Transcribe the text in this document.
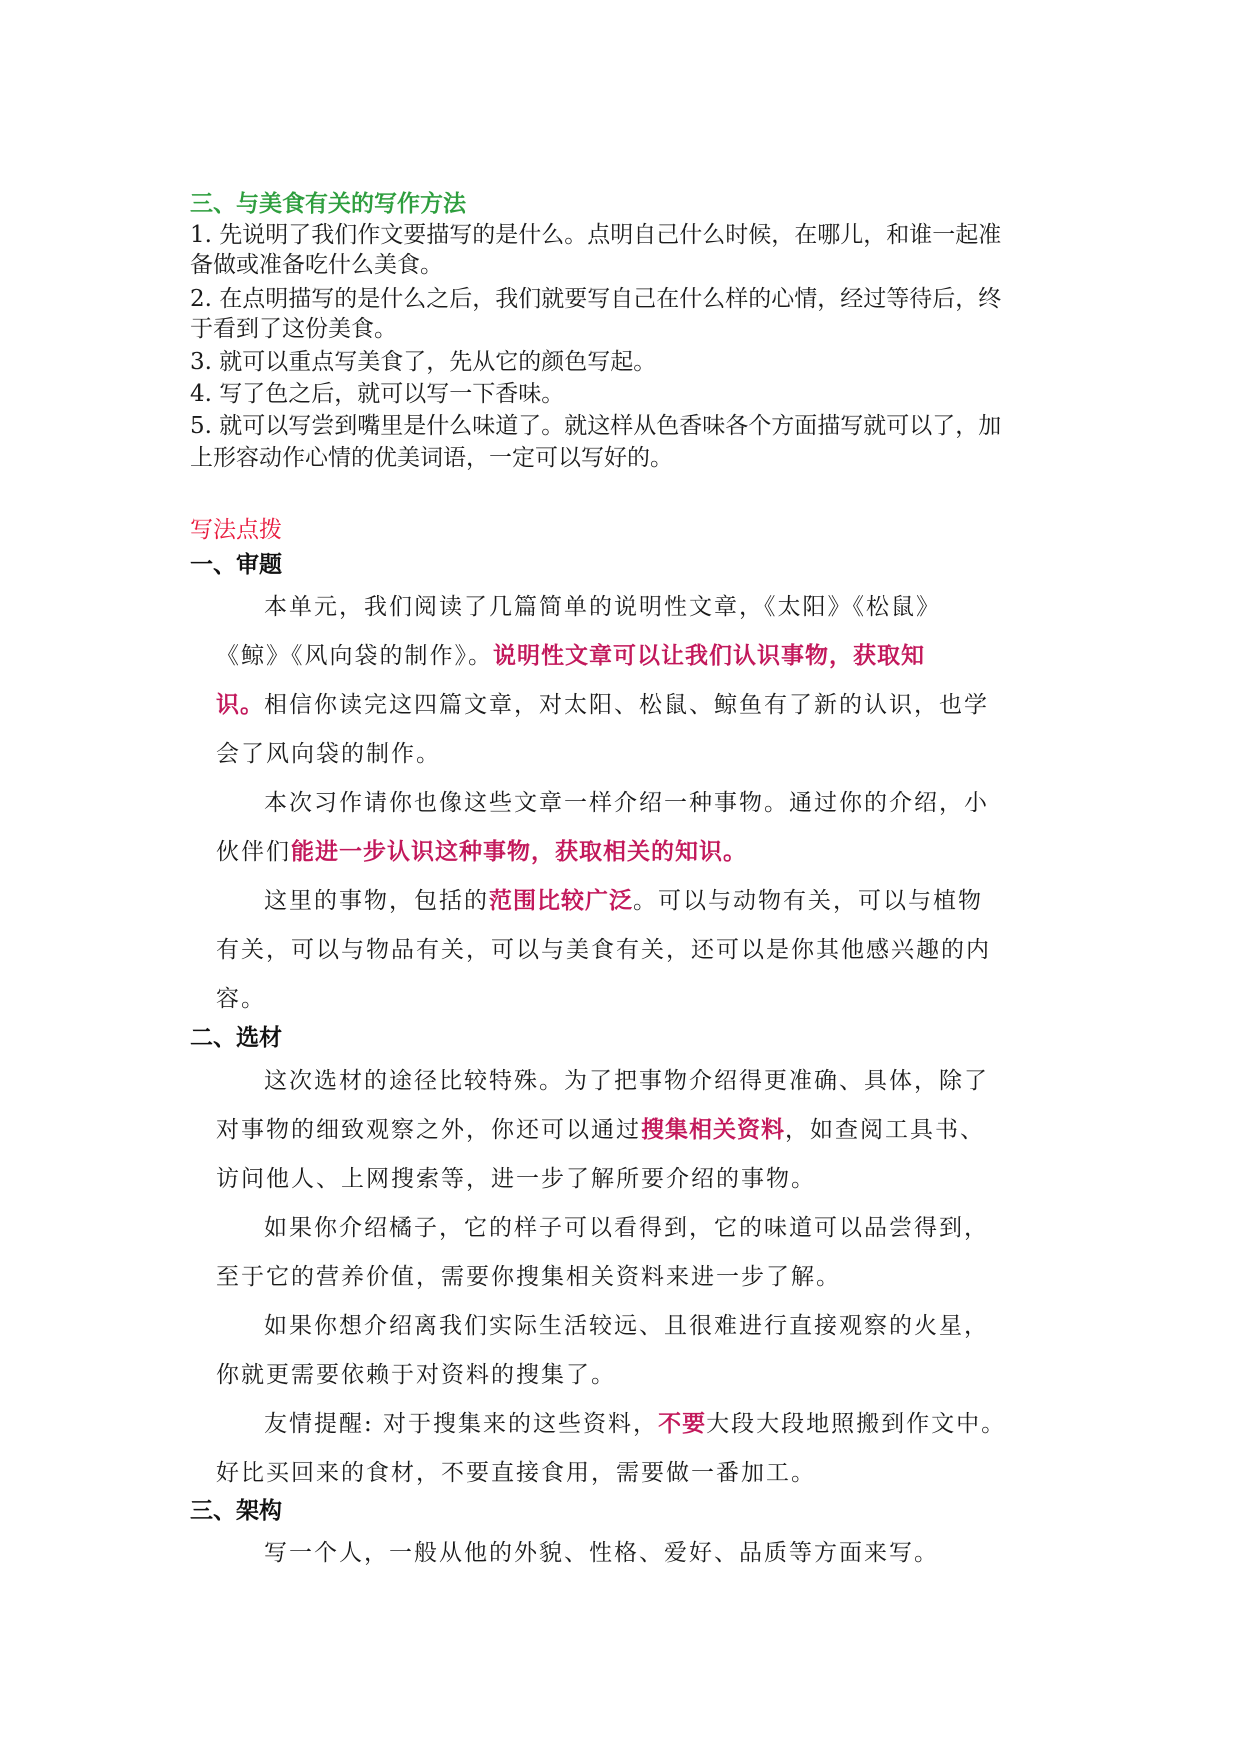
三、与美食有关的写作方法
1. 先说明了我们作文要描写的是什么。点明自己什么时候，在哪儿，和谁一起准
备做或准备吃什么美食。
2. 在点明描写的是什么之后，我们就要写自己在什么样的心情，经过等待后，终
于看到了这份美食。
3. 就可以重点写美食了，先从它的颜色写起。
4. 写了色之后，就可以写一下香味。
5. 就可以写尝到嘴里是什么味道了。就这样从色香味各个方面描写就可以了，加
上形容动作心情的优美词语，一定可以写好的。
写法点拨
一、审题
本单元，我们阅读了几篇简单的说明性文章，《太阳》《松鼠》
《鲸》《风向袋的制作》。说明性文章可以让我们认识事物，获取知
识。相信你读完这四篇文章，对太阳、松鼠、鲸鱼有了新的认识，也学
会了风向袋的制作。
本次习作请你也像这些文章一样介绍一种事物。通过你的介绍，小
伙伴们能进一步认识这种事物，获取相关的知识。
这里的事物，包括的范围比较广泛。可以与动物有关，可以与植物
有关，可以与物品有关，可以与美食有关，还可以是你其他感兴趣的内
容。
二、选材
这次选材的途径比较特殊。为了把事物介绍得更准确、具体，除了
对事物的细致观察之外，你还可以通过搜集相关资料，如查阅工具书、
访问他人、上网搜索等，进一步了解所要介绍的事物。
如果你介绍橘子，它的样子可以看得到，它的味道可以品尝得到，
至于它的营养价值，需要你搜集相关资料来进一步了解。
如果你想介绍离我们实际生活较远、且很难进行直接观察的火星，
你就更需要依赖于对资料的搜集了。
友情提醒: 对于搜集来的这些资料，不要大段大段地照搬到作文中。
好比买回来的食材，不要直接食用，需要做一番加工。
三、架构
写一个人，一般从他的外貌、性格、爱好、品质等方面来写。
